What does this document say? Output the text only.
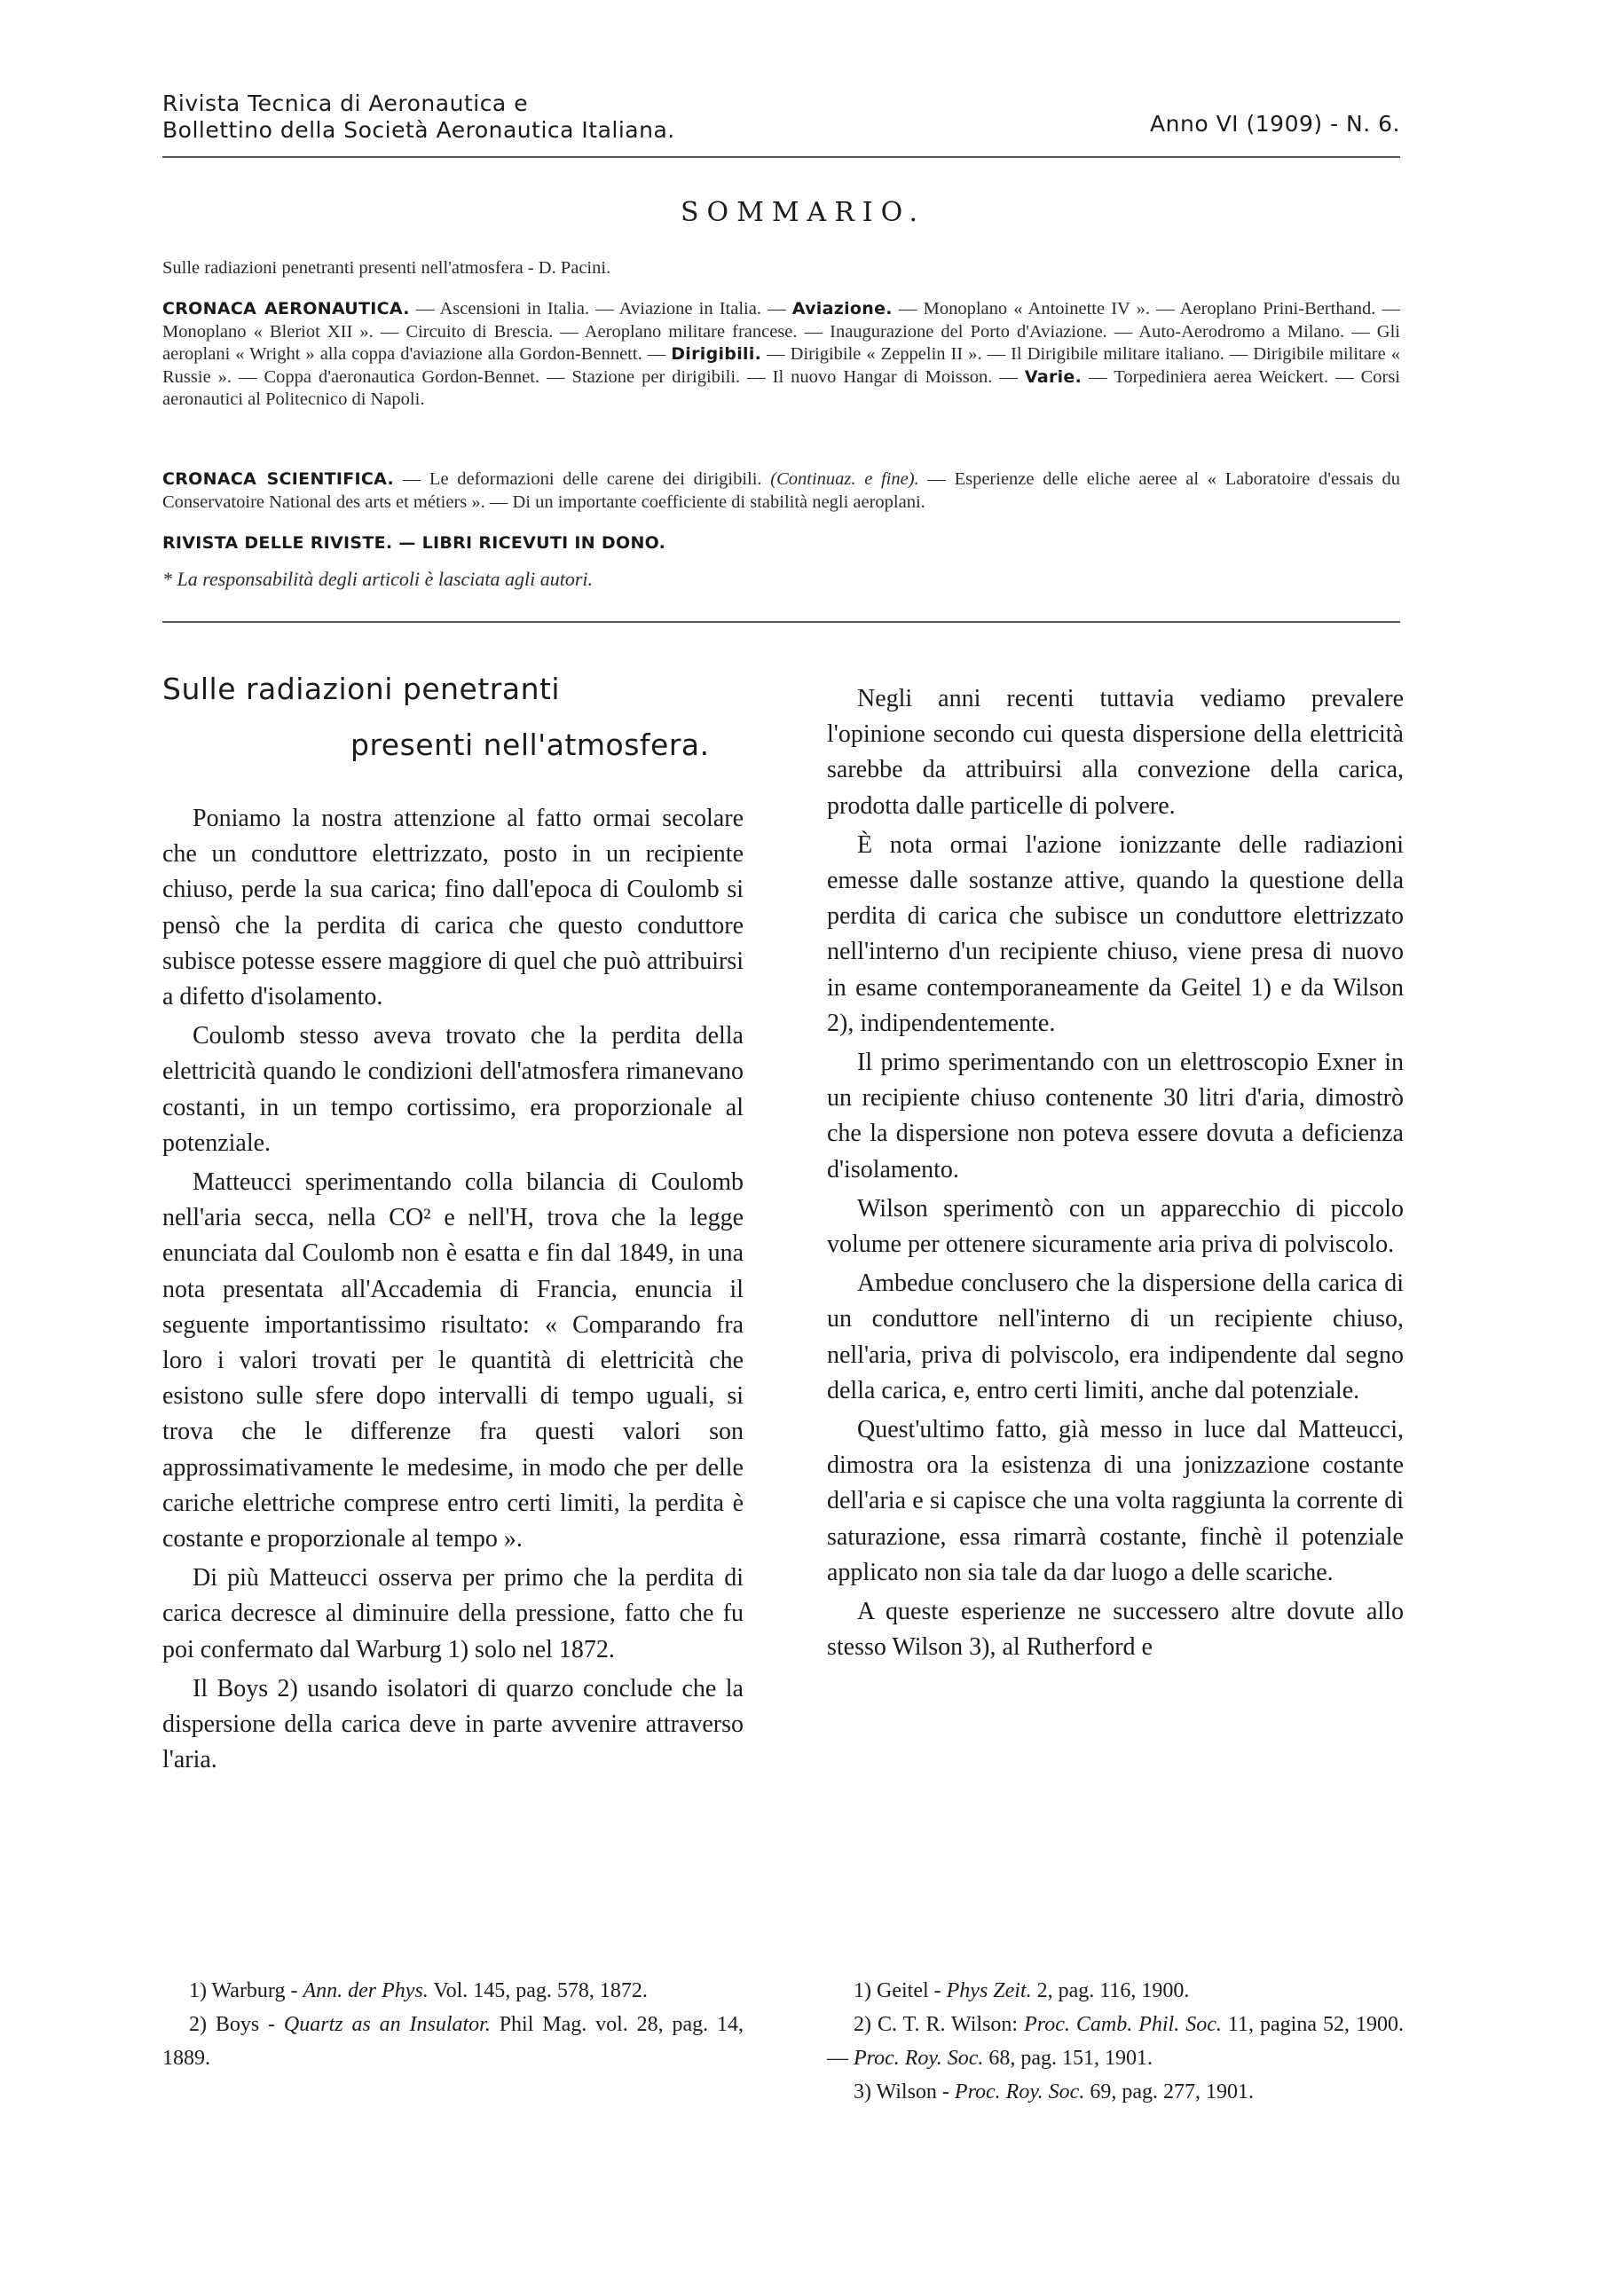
Rivista Tecnica di Aeronautica e
Bollettino della Società Aeronautica Italiana.	Anno VI (1909) - N. 6.
SOMMARIO.
Sulle radiazioni penetranti presenti nell'atmosfera - D. Pacini.
CRONACA AERONAUTICA. — Ascensioni in Italia. — Aviazione in Italia. — Aviazione. — Monoplano « Antoinette IV ». — Aeroplano Prini-Berthand. — Monoplano « Bleriot XII ». — Circuito di Brescia. — Aeroplano militare francese. — Inaugurazione del Porto d'Aviazione. — Auto-Aerodromo a Milano. — Gli aeroplani « Wright » alla coppa d'aviazione alla Gordon-Bennett. — Dirigibili. — Dirigibile « Zeppelin II ». — Il Dirigibile militare italiano. — Dirigibile militare « Russie ». — Coppa d'aeronautica Gordon-Bennet. — Stazione per dirigibili. — Il nuovo Hangar di Moisson. — Varie. — Torpediniera aerea Weickert. — Corsi aeronautici al Politecnico di Napoli.
CRONACA SCIENTIFICA. — Le deformazioni delle carene dei dirigibili. (Continuaz. e fine). — Esperienze delle eliche aeree al « Laboratoire d'essais du Conservatoire National des arts et métiers ». — Di un importante coefficiente di stabilità negli aeroplani.
RIVISTA DELLE RIVISTE. — LIBRI RICEVUTI IN DONO.
* La responsabilità degli articoli è lasciata agli autori.
Sulle radiazioni penetranti
presenti nell'atmosfera.

Poniamo la nostra attenzione al fatto ormai secolare che un conduttore elettrizzato, posto in un recipiente chiuso, perde la sua carica; fino dall'epoca di Coulomb si pensò che la perdita di carica che questo conduttore subisce potesse essere maggiore di quel che può attribuirsi a difetto d'isolamento.

Coulomb stesso aveva trovato che la perdita della elettricità quando le condizioni dell'atmosfera rimanevano costanti, in un tempo cortissimo, era proporzionale al potenziale.

Matteucci sperimentando colla bilancia di Coulomb nell'aria secca, nella CO² e nell'H, trova che la legge enunciata dal Coulomb non è esatta e fin dal 1849, in una nota presentata all'Accademia di Francia, enuncia il seguente importantissimo risultato: « Comparando fra loro i valori trovati per le quantità di elettricità che esistono sulle sfere dopo intervalli di tempo uguali, si trova che le differenze fra questi valori son approssimativamente le medesime, in modo che per delle cariche elettriche comprese entro certi limiti, la perdita è costante e proporzionale al tempo ».

Di più Matteucci osserva per primo che la perdita di carica decresce al diminuire della pressione, fatto che fu poi confermato dal Warburg 1) solo nel 1872.

Il Boys 2) usando isolatori di quarzo conclude che la dispersione della carica deve in parte avvenire attraverso l'aria.

Negli anni recenti tuttavia vediamo prevalere l'opinione secondo cui questa dispersione della elettricità sarebbe da attribuirsi alla convezione della carica, prodotta dalle particelle di polvere.

È nota ormai l'azione ionizzante delle radiazioni emesse dalle sostanze attive, quando la questione della perdita di carica che subisce un conduttore elettrizzato nell'interno d'un recipiente chiuso, viene presa di nuovo in esame contemporaneamente da Geitel 1) e da Wilson 2), indipendentemente.

Il primo sperimentando con un elettroscopio Exner in un recipiente chiuso contenente 30 litri d'aria, dimostrò che la dispersione non poteva essere dovuta a deficienza d'isolamento.

Wilson sperimentò con un apparecchio di piccolo volume per ottenere sicuramente aria priva di polviscolo.

Ambedue conclusero che la dispersione della carica di un conduttore nell'interno di un recipiente chiuso, nell'aria, priva di polviscolo, era indipendente dal segno della carica, e, entro certi limiti, anche dal potenziale.

Quest'ultimo fatto, già messo in luce dal Matteucci, dimostra ora la esistenza di una jonizzazione costante dell'aria e si capisce che una volta raggiunta la corrente di saturazione, essa rimarrà costante, finchè il potenziale applicato non sia tale da dar luogo a delle scariche.

A queste esperienze ne successero altre dovute allo stesso Wilson 3), al Rutherford e

1) Warburg - Ann. der Phys. Vol. 145, pag. 578, 1872.

2) Boys - Quartz as an Insulator. Phil Mag. vol. 28, pag. 14, 1889.

1) Geitel - Phys Zeit. 2, pag. 116, 1900.

2) C. T. R. Wilson: Proc. Camb. Phil. Soc. 11, pagina 52, 1900. — Proc. Roy. Soc. 68, pag. 151, 1901.

3) Wilson - Proc. Roy. Soc. 69, pag. 277, 1901.
